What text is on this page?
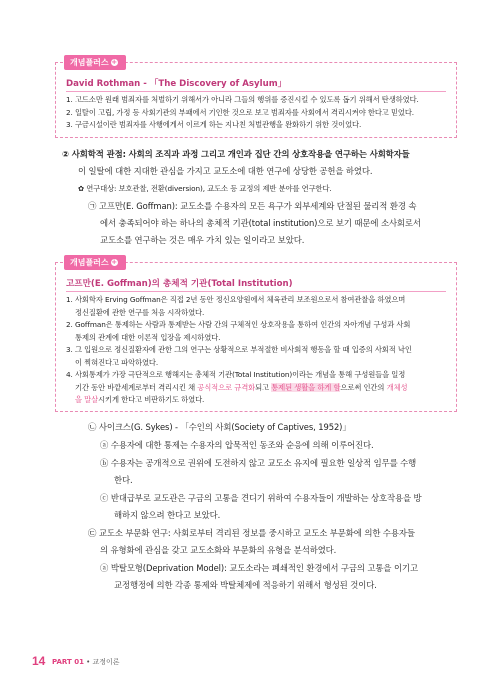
개념플러스 +
David Rothman - 「The Discovery of Asylum」
1. 고드소만 원래 범죄자를 처벌하기 위해서가 아니라 그들의 행위를 증진시킬 수 있도록 돕기 위해서 탄생하였다.
2. 일탈이 고립, 가정 등 사회기관의 부패에서 기인한 것으로 보고 범죄자를 사회에서 격리시켜야 한다고 믿었다.
3. 구금시설이란 범죄자를 사행에게서 이르게 하는 지나친 처벌관행을 완화하기 위한 것이었다.
② 사회학적 관점: 사회의 조직과 과정 그리고 개인과 집단 간의 상호작용을 연구하는 사회학자들
이 일탈에 대한 지대한 관심을 가지고 교도소에 대한 연구에 상당한 공헌을 하였다.
✿ 연구대상: 보호관찰, 전환(diversion), 교도소 등 교정의 제반 분야를 연구한다.
㉠ 고프만(E. Goffman): 교도소를 수용자의 모든 욕구가 외부세계와 단절된 물리적 환경 속
에서 충족되어야 하는 하나의 총체적 기관(total institution)으로 보기 때문에 소사회로서
교도소를 연구하는 것은 매우 가치 있는 일이라고 보았다.
개념플러스 +
고프만(E. Goffman)의 총체적 기관(Total Institution)
1. 사회학자 Erving Goffman은 직접 2년 동안 정신요양원에서 체육관리 보조원으로서 참여관찰을 하였으며
정신질환에 관한 연구를 처음 시작하였다.
2. Goffman은 통제하는 사람과 통제받는 사람 간의 구체적인 상호작용을 통하여 인간의 자아개념 구성과 사회
통제의 관계에 대한 이론적 입장을 제시하였다.
3. 그 입원으로 정신질환자에 관한 그의 연구는 상황적으로 부적절한 비사회적 행동을 할 때 입증의 사회적 낙인
이 찍혀진다고 파악하였다.
4. 사회통제가 가장 극단적으로 행해지는 총체적 기관(Total Institution)이라는 개념을 통해 구성원들을 일정
기간 동안 바깥세계로부터 격리시킨 채 공식적으로 규격화되고 통제된 생활을 하게 함으로써 인간의 개체성
을 말살시키게 한다고 비판하기도 하였다.
㉡ 사이크스(G. Sykes) - 「수인의 사회(Society of Captives, 1952)」
ⓐ 수용자에 대한 통제는 수용자의 압묵적인 동조와 순응에 의해 이루어진다.
ⓑ 수용자는 공개적으로 권위에 도전하지 않고 교도소 유지에 필요한 일상적 임무를 수행
한다.
ⓒ 반대급부로 교도관은 구금의 고통을 견디기 위하여 수용자들이 개발하는 상호작용을 방
해하지 않으려 한다고 보았다.
㉢ 교도소 부문화 연구: 사회로부터 격리된 정보를 중시하고 교도소 부문화에 의한 수용자들
의 유형화에 관심을 갖고 교도소화와 부문화의 유형을 분석하였다.
ⓐ 박탈모형(Deprivation Model): 교도소라는 폐쇄적인 환경에서 구금의 고통을 이기고
교정행정에 의한 각종 통제와 박탈체제에 적응하기 위해서 형성된 것이다.
14 PART 01 • 교정이론
